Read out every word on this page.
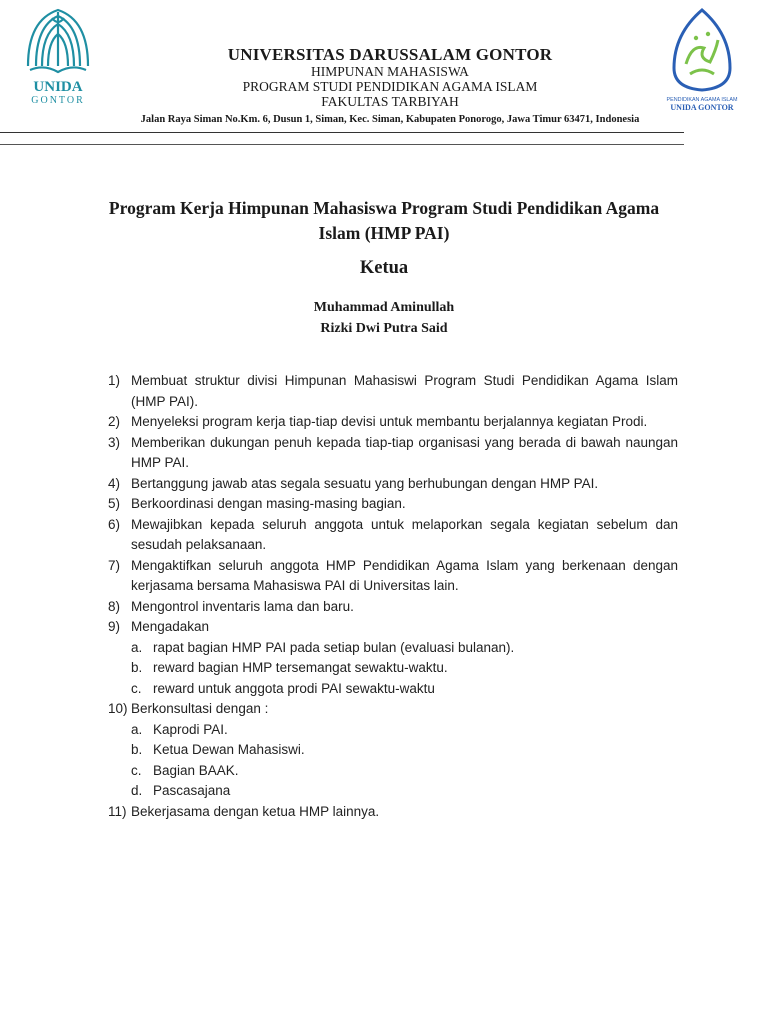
UNIDA
GONTOR
UNIVERSITAS DARUSSALAM GONTOR
HIMPUNAN MAHASISWA
PROGRAM STUDI PENDIDIKAN AGAMA ISLAM
FAKULTAS TARBIYAH
Jalan Raya Siman No.Km. 6, Dusun 1, Siman, Kec. Siman, Kabupaten Ponorogo, Jawa Timur 63471, Indonesia
PENDIDIKAN AGAMA ISLAM
UNIDA GONTOR
Program Kerja Himpunan Mahasiswa Program Studi Pendidikan Agama Islam (HMP PAI)
Ketua
Muhammad Aminullah
Rizki Dwi Putra Said
1) Membuat struktur divisi Himpunan Mahasiswi Program Studi Pendidikan Agama Islam (HMP PAI).
2) Menyeleksi program kerja tiap-tiap devisi untuk membantu berjalannya kegiatan Prodi.
3) Memberikan dukungan penuh kepada tiap-tiap organisasi yang berada di bawah naungan HMP PAI.
4) Bertanggung jawab atas segala sesuatu yang berhubungan dengan HMP PAI.
5) Berkoordinasi dengan masing-masing bagian.
6) Mewajibkan kepada seluruh anggota untuk melaporkan segala kegiatan sebelum dan sesudah pelaksanaan.
7) Mengaktifkan seluruh anggota HMP Pendidikan Agama Islam yang berkenaan dengan kerjasama bersama Mahasiswa PAI di Universitas lain.
8) Mengontrol inventaris lama dan baru.
9) Mengadakan
a. rapat bagian HMP PAI pada setiap bulan (evaluasi bulanan).
b. reward bagian HMP tersemangat sewaktu-waktu.
c. reward untuk anggota prodi PAI sewaktu-waktu
10) Berkonsultasi dengan :
a. Kaprodi PAI.
b. Ketua Dewan Mahasiswi.
c. Bagian BAAK.
d. Pascasajana
11) Bekerjasama dengan ketua HMP lainnya.
